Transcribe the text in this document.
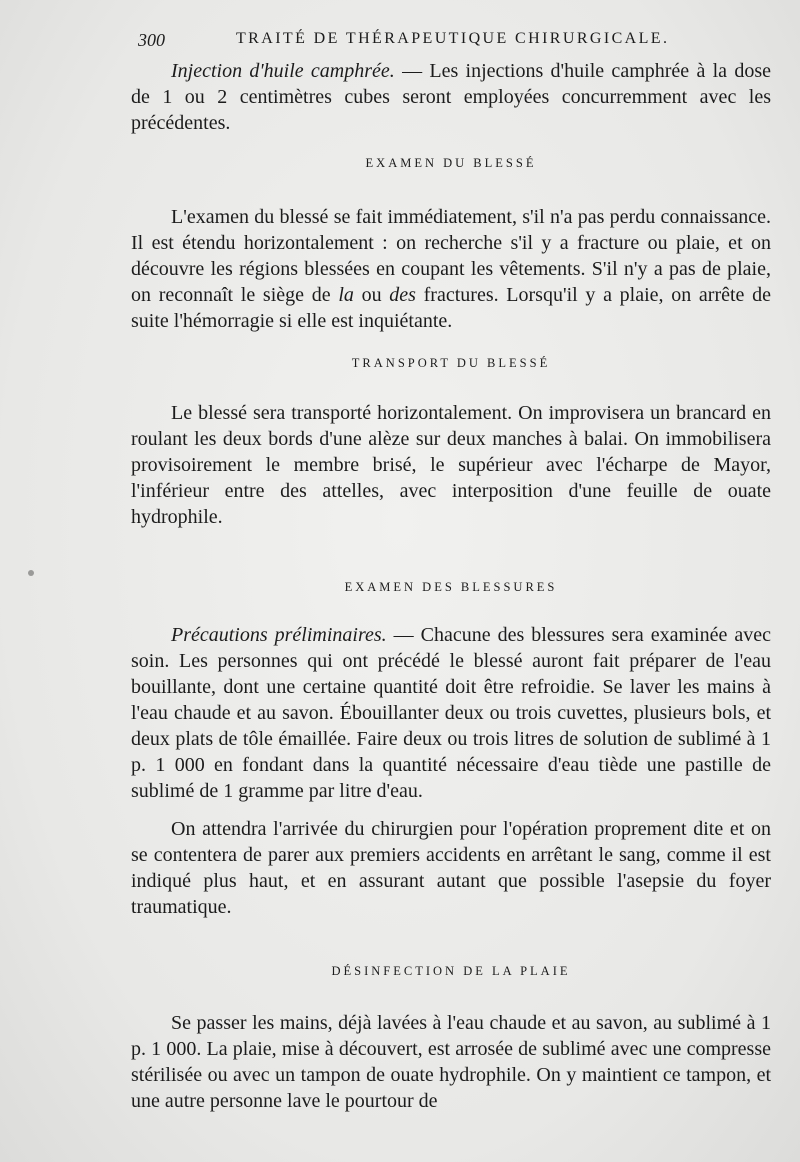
300	TRAITÉ DE THÉRAPEUTIQUE CHIRURGICALE.

Injection d'huile camphrée. — Les injections d'huile camphrée à la dose de 1 ou 2 centimètres cubes seront employées concurremment avec les précédentes.

EXAMEN DU BLESSÉ

L'examen du blessé se fait immédiatement, s'il n'a pas perdu connaissance. Il est étendu horizontalement : on recherche s'il y a fracture ou plaie, et on découvre les régions blessées en coupant les vêtements. S'il n'y a pas de plaie, on reconnaît le siège de la ou des fractures. Lorsqu'il y a plaie, on arrête de suite l'hémorragie si elle est inquiétante.

TRANSPORT DU BLESSÉ

Le blessé sera transporté horizontalement. On improvisera un brancard en roulant les deux bords d'une alèze sur deux manches à balai. On immobilisera provisoirement le membre brisé, le supérieur avec l'écharpe de Mayor, l'inférieur entre des attelles, avec interposition d'une feuille de ouate hydrophile.

EXAMEN DES BLESSURES

Précautions préliminaires. — Chacune des blessures sera examinée avec soin. Les personnes qui ont précédé le blessé auront fait préparer de l'eau bouillante, dont une certaine quantité doit être refroidie. Se laver les mains à l'eau chaude et au savon. Ébouillanter deux ou trois cuvettes, plusieurs bols, et deux plats de tôle émaillée. Faire deux ou trois litres de solution de sublimé à 1 p. 1 000 en fondant dans la quantité nécessaire d'eau tiède une pastille de sublimé de 1 gramme par litre d'eau.

On attendra l'arrivée du chirurgien pour l'opération proprement dite et on se contentera de parer aux premiers accidents en arrêtant le sang, comme il est indiqué plus haut, et en assurant autant que possible l'asepsie du foyer traumatique.

DÉSINFECTION DE LA PLAIE

Se passer les mains, déjà lavées à l'eau chaude et au savon, au sublimé à 1 p. 1 000. La plaie, mise à découvert, est arrosée de sublimé avec une compresse stérilisée ou avec un tampon de ouate hydrophile. On y maintient ce tampon, et une autre personne lave le pourtour de
